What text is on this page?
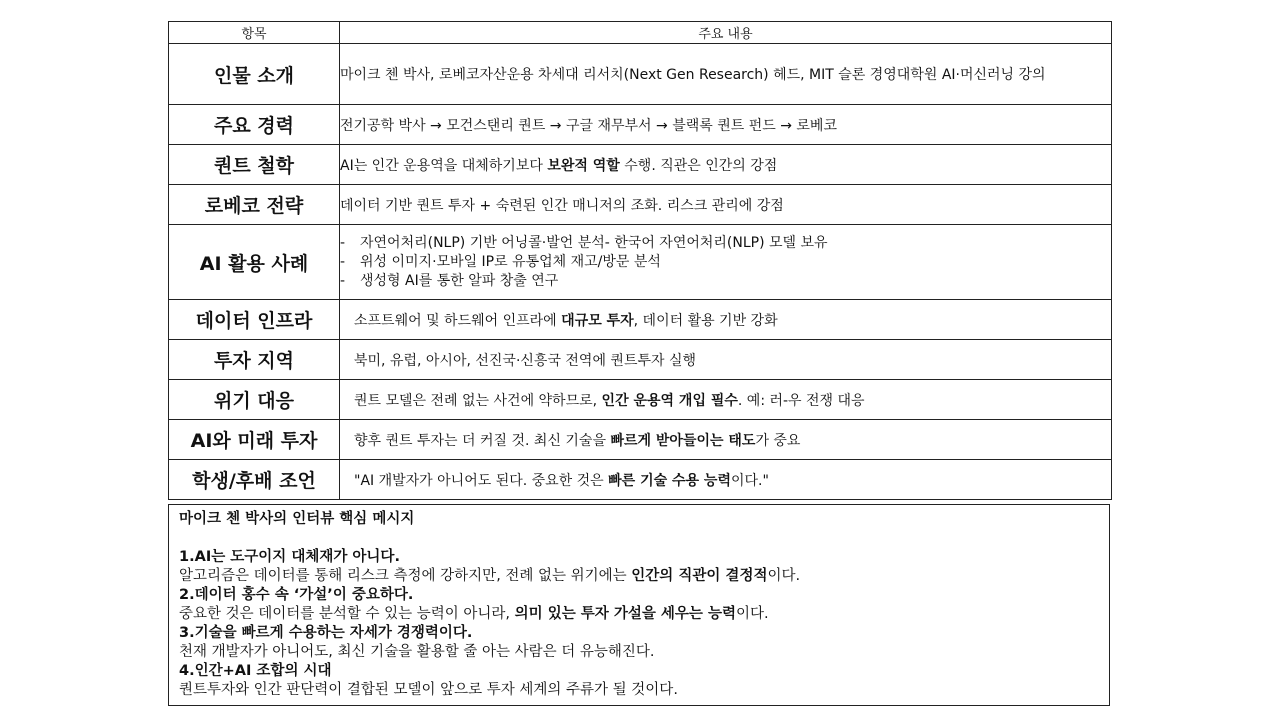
항목	주요 내용
인물 소개	마이크 첸 박사, 로베코자산운용 차세대 리서치(Next Gen Research) 헤드, MIT 슬론 경영대학원 AI·머신러닝 강의
주요 경력	전기공학 박사 → 모건스탠리 퀀트 → 구글 재무부서 → 블랙록 퀀트 펀드 → 로베코
퀀트 철학	AI는 인간 운용역을 대체하기보다 보완적 역할 수행. 직관은 인간의 강점
로베코 전략	데이터 기반 퀀트 투자 + 숙련된 인간 매니저의 조화. 리스크 관리에 강점
AI 활용 사례	- 자연어처리(NLP) 기반 어닝콜·발언 분석- 한국어 자연어처리(NLP) 모델 보유
- 위성 이미지·모바일 IP로 유통업체 재고/방문 분석
- 생성형 AI를 통한 알파 창출 연구

데이터 인프라	소프트웨어 및 하드웨어 인프라에 대규모 투자, 데이터 활용 기반 강화
투자 지역	북미, 유럽, 아시아, 선진국·신흥국 전역에 퀀트투자 실행
위기 대응	퀀트 모델은 전례 없는 사건에 약하므로, 인간 운용역 개입 필수. 예: 러-우 전쟁 대응
AI와 미래 투자	향후 퀀트 투자는 더 커질 것. 최신 기술을 빠르게 받아들이는 태도가 중요
학생/후배 조언	"AI 개발자가 아니어도 된다. 중요한 것은 빠른 기술 수용 능력이다."
마이크 첸 박사의 인터뷰 핵심 메시지
1.AI는 도구이지 대체재가 아니다.
알고리즘은 데이터를 통해 리스크 측정에 강하지만, 전례 없는 위기에는 인간의 직관이 결정적이다.
2.데이터 홍수 속 ‘가설’이 중요하다.
중요한 것은 데이터를 분석할 수 있는 능력이 아니라, 의미 있는 투자 가설을 세우는 능력이다.
3.기술을 빠르게 수용하는 자세가 경쟁력이다.
천재 개발자가 아니어도, 최신 기술을 활용할 줄 아는 사람은 더 유능해진다.
4.인간+AI 조합의 시대
퀀트투자와 인간 판단력이 결합된 모델이 앞으로 투자 세계의 주류가 될 것이다.
